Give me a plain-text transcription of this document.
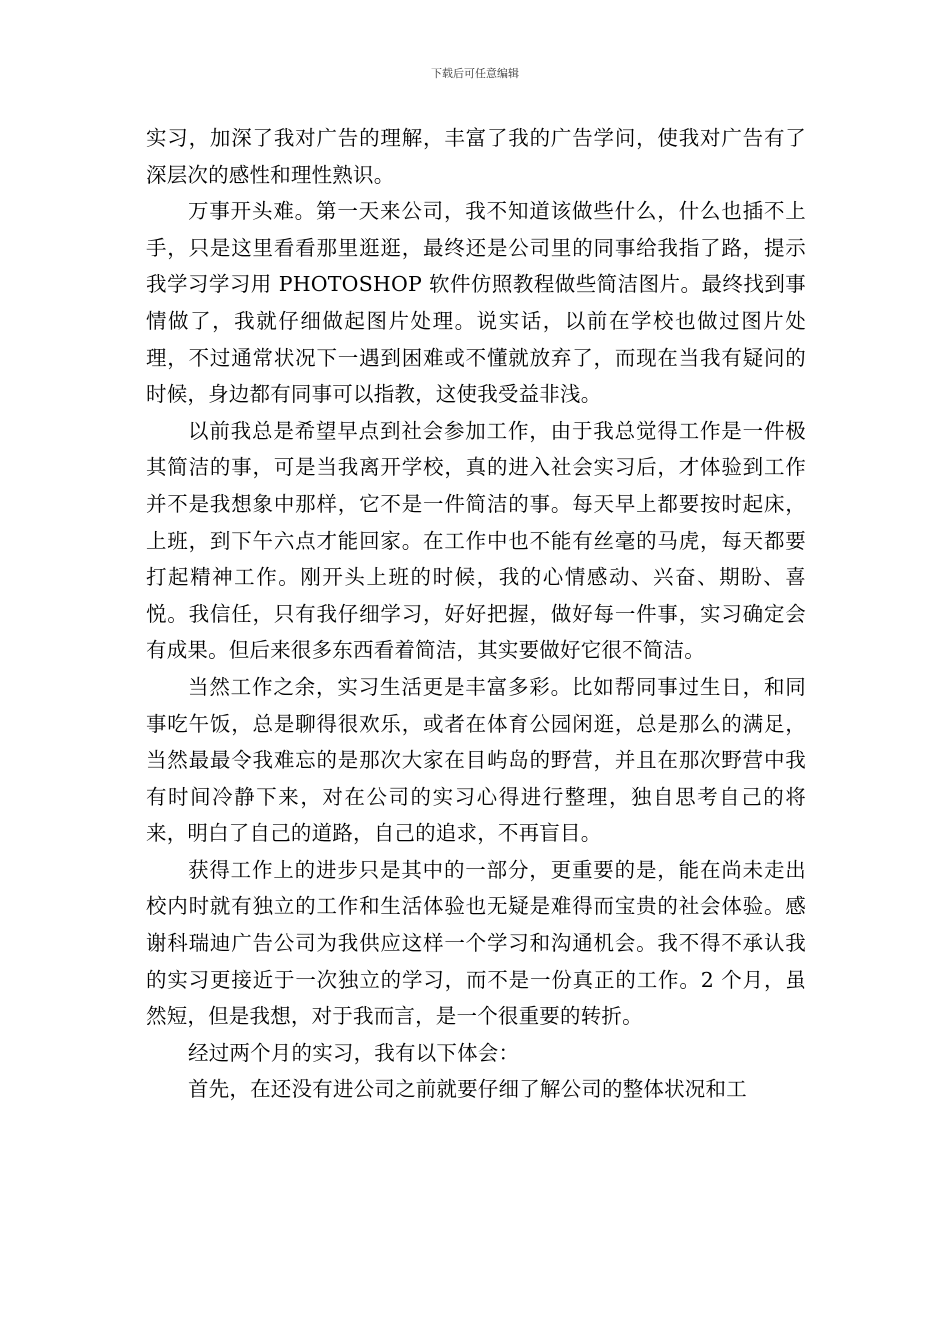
下载后可任意编辑

实习，加深了我对广告的理解，丰富了我的广告学问，使我对广告有了深层次的感性和理性熟识。

万事开头难。第一天来公司，我不知道该做些什么，什么也插不上手，只是这里看看那里逛逛，最终还是公司里的同事给我指了路，提示我学习学习用 PHOTOSHOP 软件仿照教程做些简洁图片。最终找到事情做了，我就仔细做起图片处理。说实话，以前在学校也做过图片处理，不过通常状况下一遇到困难或不懂就放弃了，而现在当我有疑问的时候，身边都有同事可以指教，这使我受益非浅。

以前我总是希望早点到社会参加工作，由于我总觉得工作是一件极其简洁的事，可是当我离开学校，真的进入社会实习后，才体验到工作并不是我想象中那样，它不是一件简洁的事。每天早上都要按时起床，上班，到下午六点才能回家。在工作中也不能有丝毫的马虎，每天都要打起精神工作。刚开头上班的时候，我的心情感动、兴奋、期盼、喜悦。我信任，只有我仔细学习，好好把握，做好每一件事，实习确定会有成果。但后来很多东西看着简洁，其实要做好它很不简洁。

当然工作之余，实习生活更是丰富多彩。比如帮同事过生日，和同事吃午饭，总是聊得很欢乐，或者在体育公园闲逛，总是那么的满足，当然最最令我难忘的是那次大家在目屿岛的野营，并且在那次野营中我有时间冷静下来，对在公司的实习心得进行整理，独自思考自己的将来，明白了自己的道路，自己的追求，不再盲目。

获得工作上的进步只是其中的一部分，更重要的是，能在尚未走出校内时就有独立的工作和生活体验也无疑是难得而宝贵的社会体验。感谢科瑞迪广告公司为我供应这样一个学习和沟通机会。我不得不承认我的实习更接近于一次独立的学习，而不是一份真正的工作。2 个月，虽然短，但是我想，对于我而言，是一个很重要的转折。

经过两个月的实习，我有以下体会：

首先，在还没有进公司之前就要仔细了解公司的整体状况和工
